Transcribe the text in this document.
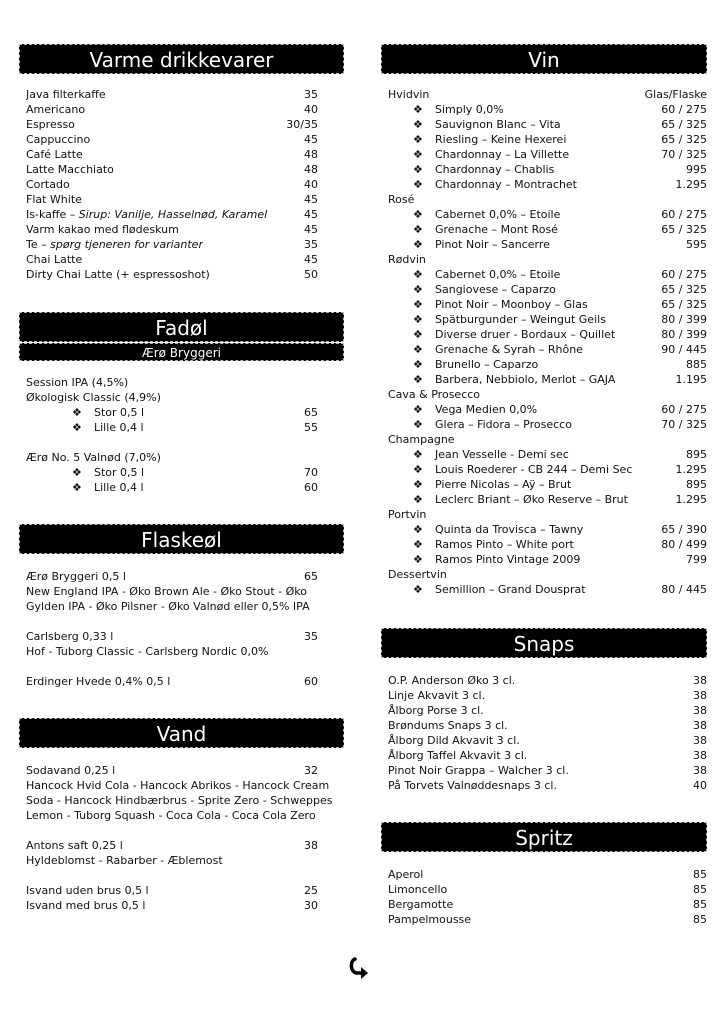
Varme drikkevarer
Java filterkaffe	35
Americano	40
Espresso	30/35
Cappuccino	45
Café Latte	48
Latte Macchiato	48
Cortado	40
Flat White	45
Is-kaffe – Sirup: Vanilje, Hasselnød, Karamel	45
Varm kakao med flødeskum	45
Te – spørg tjeneren for varianter	35
Chai Latte	45
Dirty Chai Latte (+ espressoshot)	50
Fadøl
Ærø Bryggeri
Session IPA (4,5%)
Økologisk Classic (4,9%)
❖ Stor 0,5 l	65
❖ Lille 0,4 l	55
Ærø No. 5 Valnød (7,0%)
❖ Stor 0,5 l	70
❖ Lille 0,4 l	60
Flaskeøl
Ærø Bryggeri 0,5 l	65
New England IPA - Øko Brown Ale - Øko Stout - Øko
Gylden IPA - Øko Pilsner - Øko Valnød eller 0,5% IPA
Carlsberg 0,33 l	35
Hof - Tuborg Classic - Carlsberg Nordic 0,0%
Erdinger Hvede 0,4% 0,5 l	60
Vand
Sodavand 0,25 l	32
Hancock Hvid Cola - Hancock Abrikos - Hancock Cream
Soda - Hancock Hindbærbrus - Sprite Zero - Schweppes
Lemon - Tuborg Squash - Coca Cola - Coca Cola Zero
Antons saft 0,25 l	38
Hyldeblomst - Rabarber - Æblemost
Isvand uden brus 0,5 l	25
Isvand med brus 0,5 l	30
Vin
Hvidvin	Glas/Flaske
❖ Simply 0,0%	60 / 275
❖ Sauvignon Blanc – Vita	65 / 325
❖ Riesling – Keine Hexerei	65 / 325
❖ Chardonnay – La Villette	70 / 325
❖ Chardonnay – Chablis	995
❖ Chardonnay – Montrachet	1.295
Rosé
❖ Cabernet 0,0% – Etoile	60 / 275
❖ Grenache – Mont Rosé	65 / 325
❖ Pinot Noir – Sancerre	595
Rødvin
❖ Cabernet 0,0% – Etoile	60 / 275
❖ Sangiovese – Caparzo	65 / 325
❖ Pinot Noir – Moonboy – Glas	65 / 325
❖ Spätburgunder – Weingut Geils	80 / 399
❖ Diverse druer - Bordaux – Quillet	80 / 399
❖ Grenache & Syrah – Rhône	90 / 445
❖ Brunello – Caparzo	885
❖ Barbera, Nebbiolo, Merlot – GAJA	1.195
Cava & Prosecco
❖ Vega Medien 0,0%	60 / 275
❖ Glera – Fidora – Prosecco	70 / 325
Champagne
❖ Jean Vesselle - Demi sec	895
❖ Louis Roederer - CB 244 – Demi Sec	1.295
❖ Pierre Nicolas – Aÿ – Brut	895
❖ Leclerc Briant – Øko Reserve – Brut	1.295
Portvin
❖ Quinta da Trovisca – Tawny	65 / 390
❖ Ramos Pinto – White port	80 / 499
❖ Ramos Pinto Vintage 2009	799
Dessertvin
❖ Semillion – Grand Dousprat	80 / 445
Snaps
O.P. Anderson Øko 3 cl.	38
Linje Akvavit 3 cl.	38
Ålborg Porse 3 cl.	38
Brøndums Snaps 3 cl.	38
Ålborg Dild Akvavit 3 cl.	38
Ålborg Taffel Akvavit 3 cl.	38
Pinot Noir Grappa – Walcher 3 cl.	38
På Torvets Valnøddesnaps 3 cl.	40
Spritz
Aperol	85
Limoncello	85
Bergamotte	85
Pampelmousse	85
